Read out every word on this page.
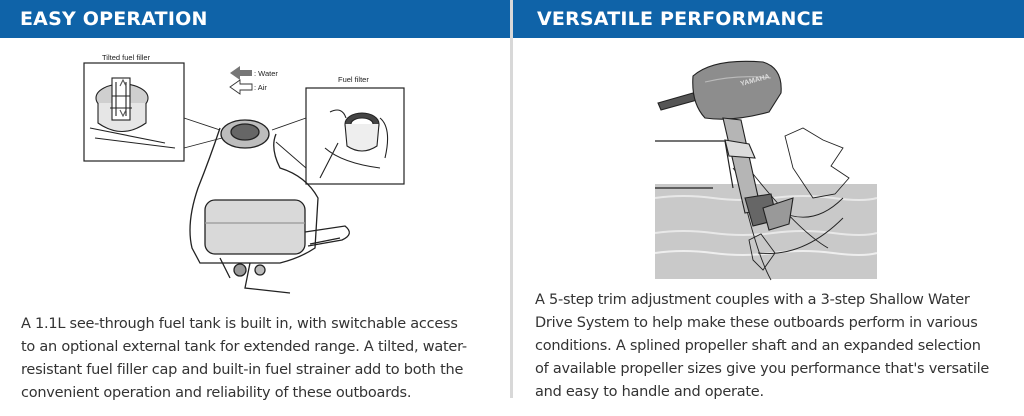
EASY OPERATION
Tilted fuel filler
: Water
: Air
Fuel filter
A 1.1L see-through fuel tank is built in, with switchable access
to an optional external tank for extended range. A tilted, water-
resistant fuel filler cap and built-in fuel strainer add to both the
convenient operation and reliability of these outboards.
VERSATILE PERFORMANCE
YAMAHA
A 5-step trim adjustment couples with a 3-step Shallow Water
Drive System to help make these outboards perform in various
conditions. A splined propeller shaft and an expanded selection
of available propeller sizes give you performance that's versatile
and easy to handle and operate.
